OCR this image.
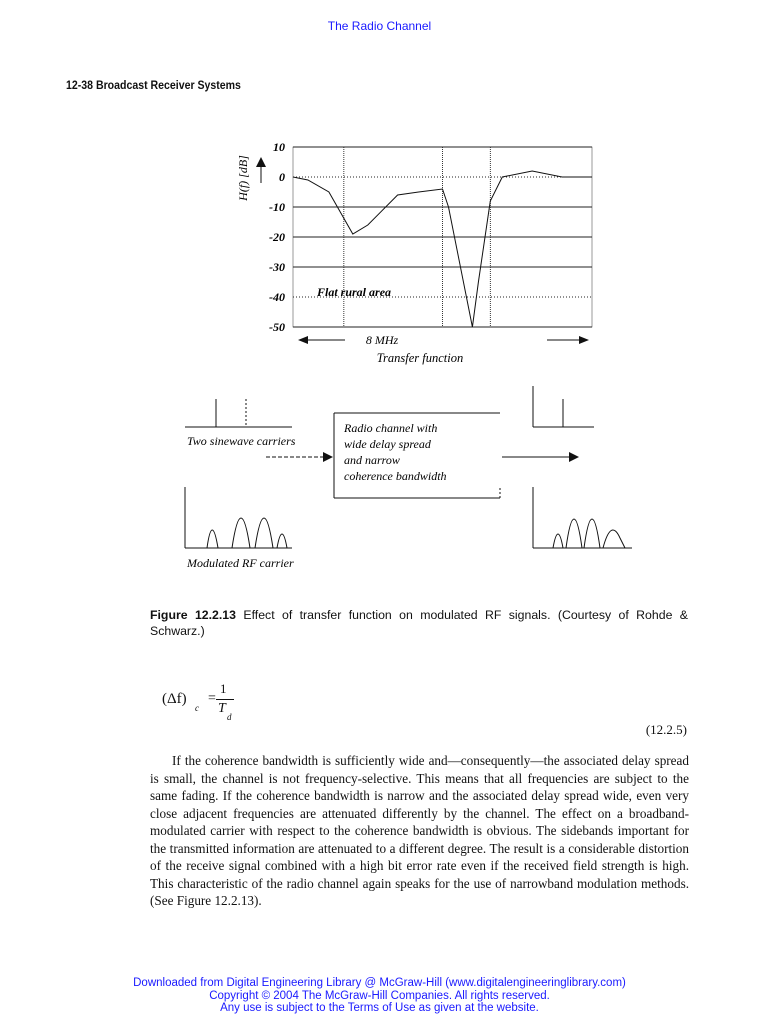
The Radio Channel
12-38 Broadcast Receiver Systems
H(f) [dB]
10
0
-10
-20
-30
-40
-50
Flat rural area
8 MHz
Transfer function
Two sinewave carriers
Radio channel with
wide delay spread
and narrow
coherence bandwidth
Modulated RF carrier
Figure 12.2.13 Effect of transfer function on modulated RF signals. (Courtesy of Rohde & Schwarz.)
(Δf)
c
=
1
T
d
(12.2.5)
If the coherence bandwidth is sufficiently wide and—consequently—the associated delay spread is small, the channel is not frequency-selective. This means that all frequencies are subject to the same fading. If the coherence bandwidth is narrow and the associated delay spread wide, even very close adjacent frequencies are attenuated differently by the channel. The effect on a broadband-modulated carrier with respect to the coherence bandwidth is obvious. The sidebands important for the transmitted information are attenuated to a different degree. The result is a considerable distortion of the receive signal combined with a high bit error rate even if the received field strength is high. This characteristic of the radio channel again speaks for the use of narrowband modulation methods. (See Figure 12.2.13).
Downloaded from Digital Engineering Library @ McGraw-Hill (www.digitalengineeringlibrary.com)
Copyright © 2004 The McGraw-Hill Companies. All rights reserved.
Any use is subject to the Terms of Use as given at the website.
